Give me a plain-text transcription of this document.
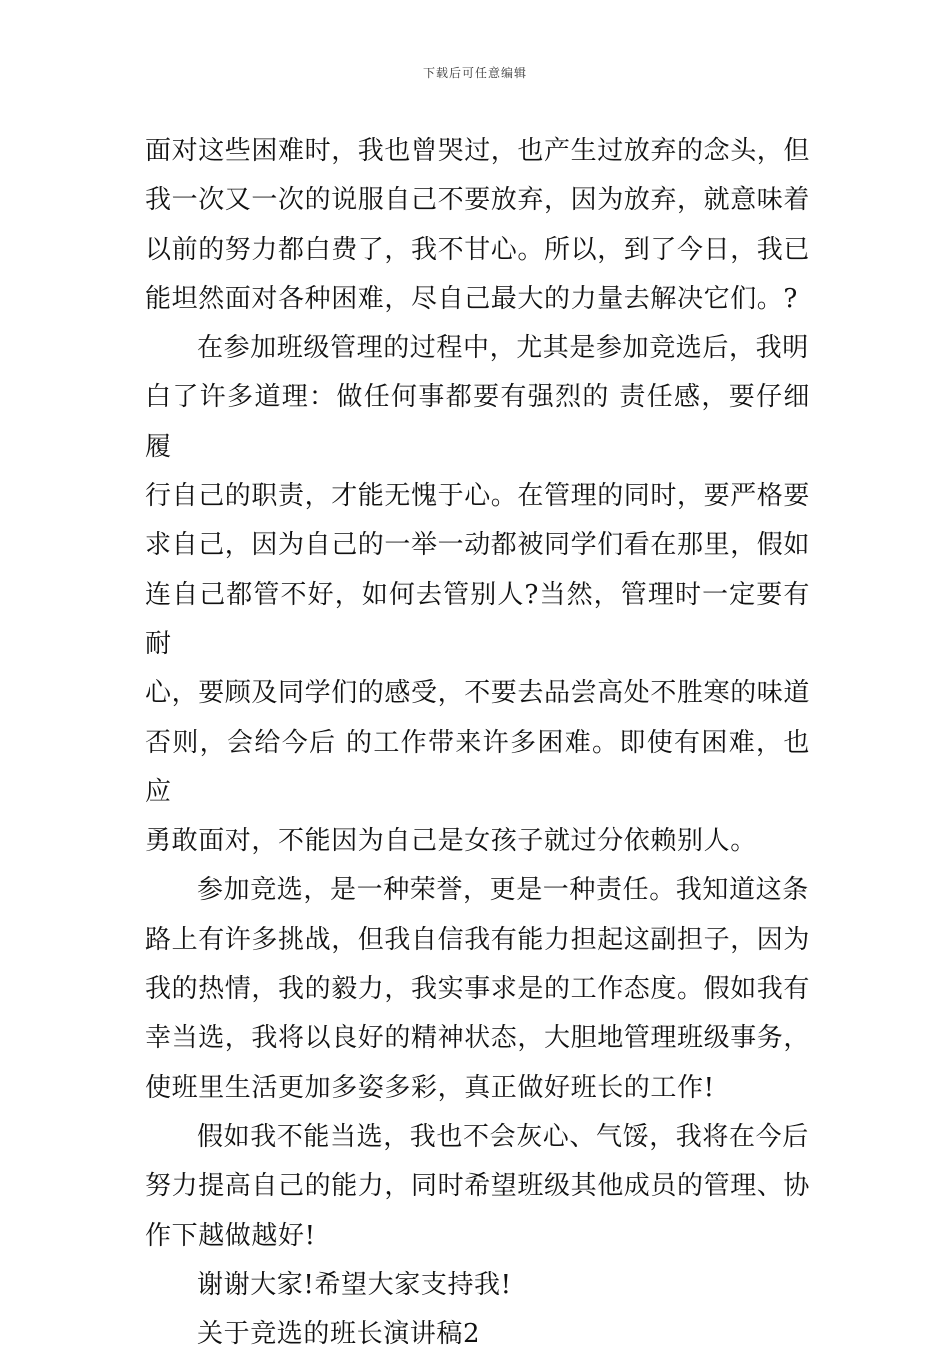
下载后可任意编辑

面对这些困难时，我也曾哭过，也产生过放弃的念头，但
我一次又一次的说服自己不要放弃，因为放弃，就意味着
以前的努力都白费了，我不甘心。所以，到了今日，我已
能坦然面对各种困难，尽自己最大的力量去解决它们。?

在参加班级管理的过程中，尤其是参加竞选后，我明
白了许多道理：做任何事都要有强烈的 责任感，要仔细履
行自己的职责，才能无愧于心。在管理的同时，要严格要
求自己，因为自己的一举一动都被同学们看在那里，假如
连自己都管不好，如何去管别人?当然，管理时一定要有耐
心，要顾及同学们的感受，不要去品尝高处不胜寒的味道
否则，会给今后 的工作带来许多困难。即使有困难，也应
勇敢面对，不能因为自己是女孩子就过分依赖别人。

参加竞选，是一种荣誉，更是一种责任。我知道这条
路上有许多挑战，但我自信我有能力担起这副担子，因为
我的热情，我的毅力，我实事求是的工作态度。假如我有
幸当选，我将以良好的精神状态，大胆地管理班级事务，
使班里生活更加多姿多彩，真正做好班长的工作!

假如我不能当选，我也不会灰心、气馁，我将在今后
努力提高自己的能力，同时希望班级其他成员的管理、协
作下越做越好!

谢谢大家!希望大家支持我!

关于竞选的班长演讲稿2
